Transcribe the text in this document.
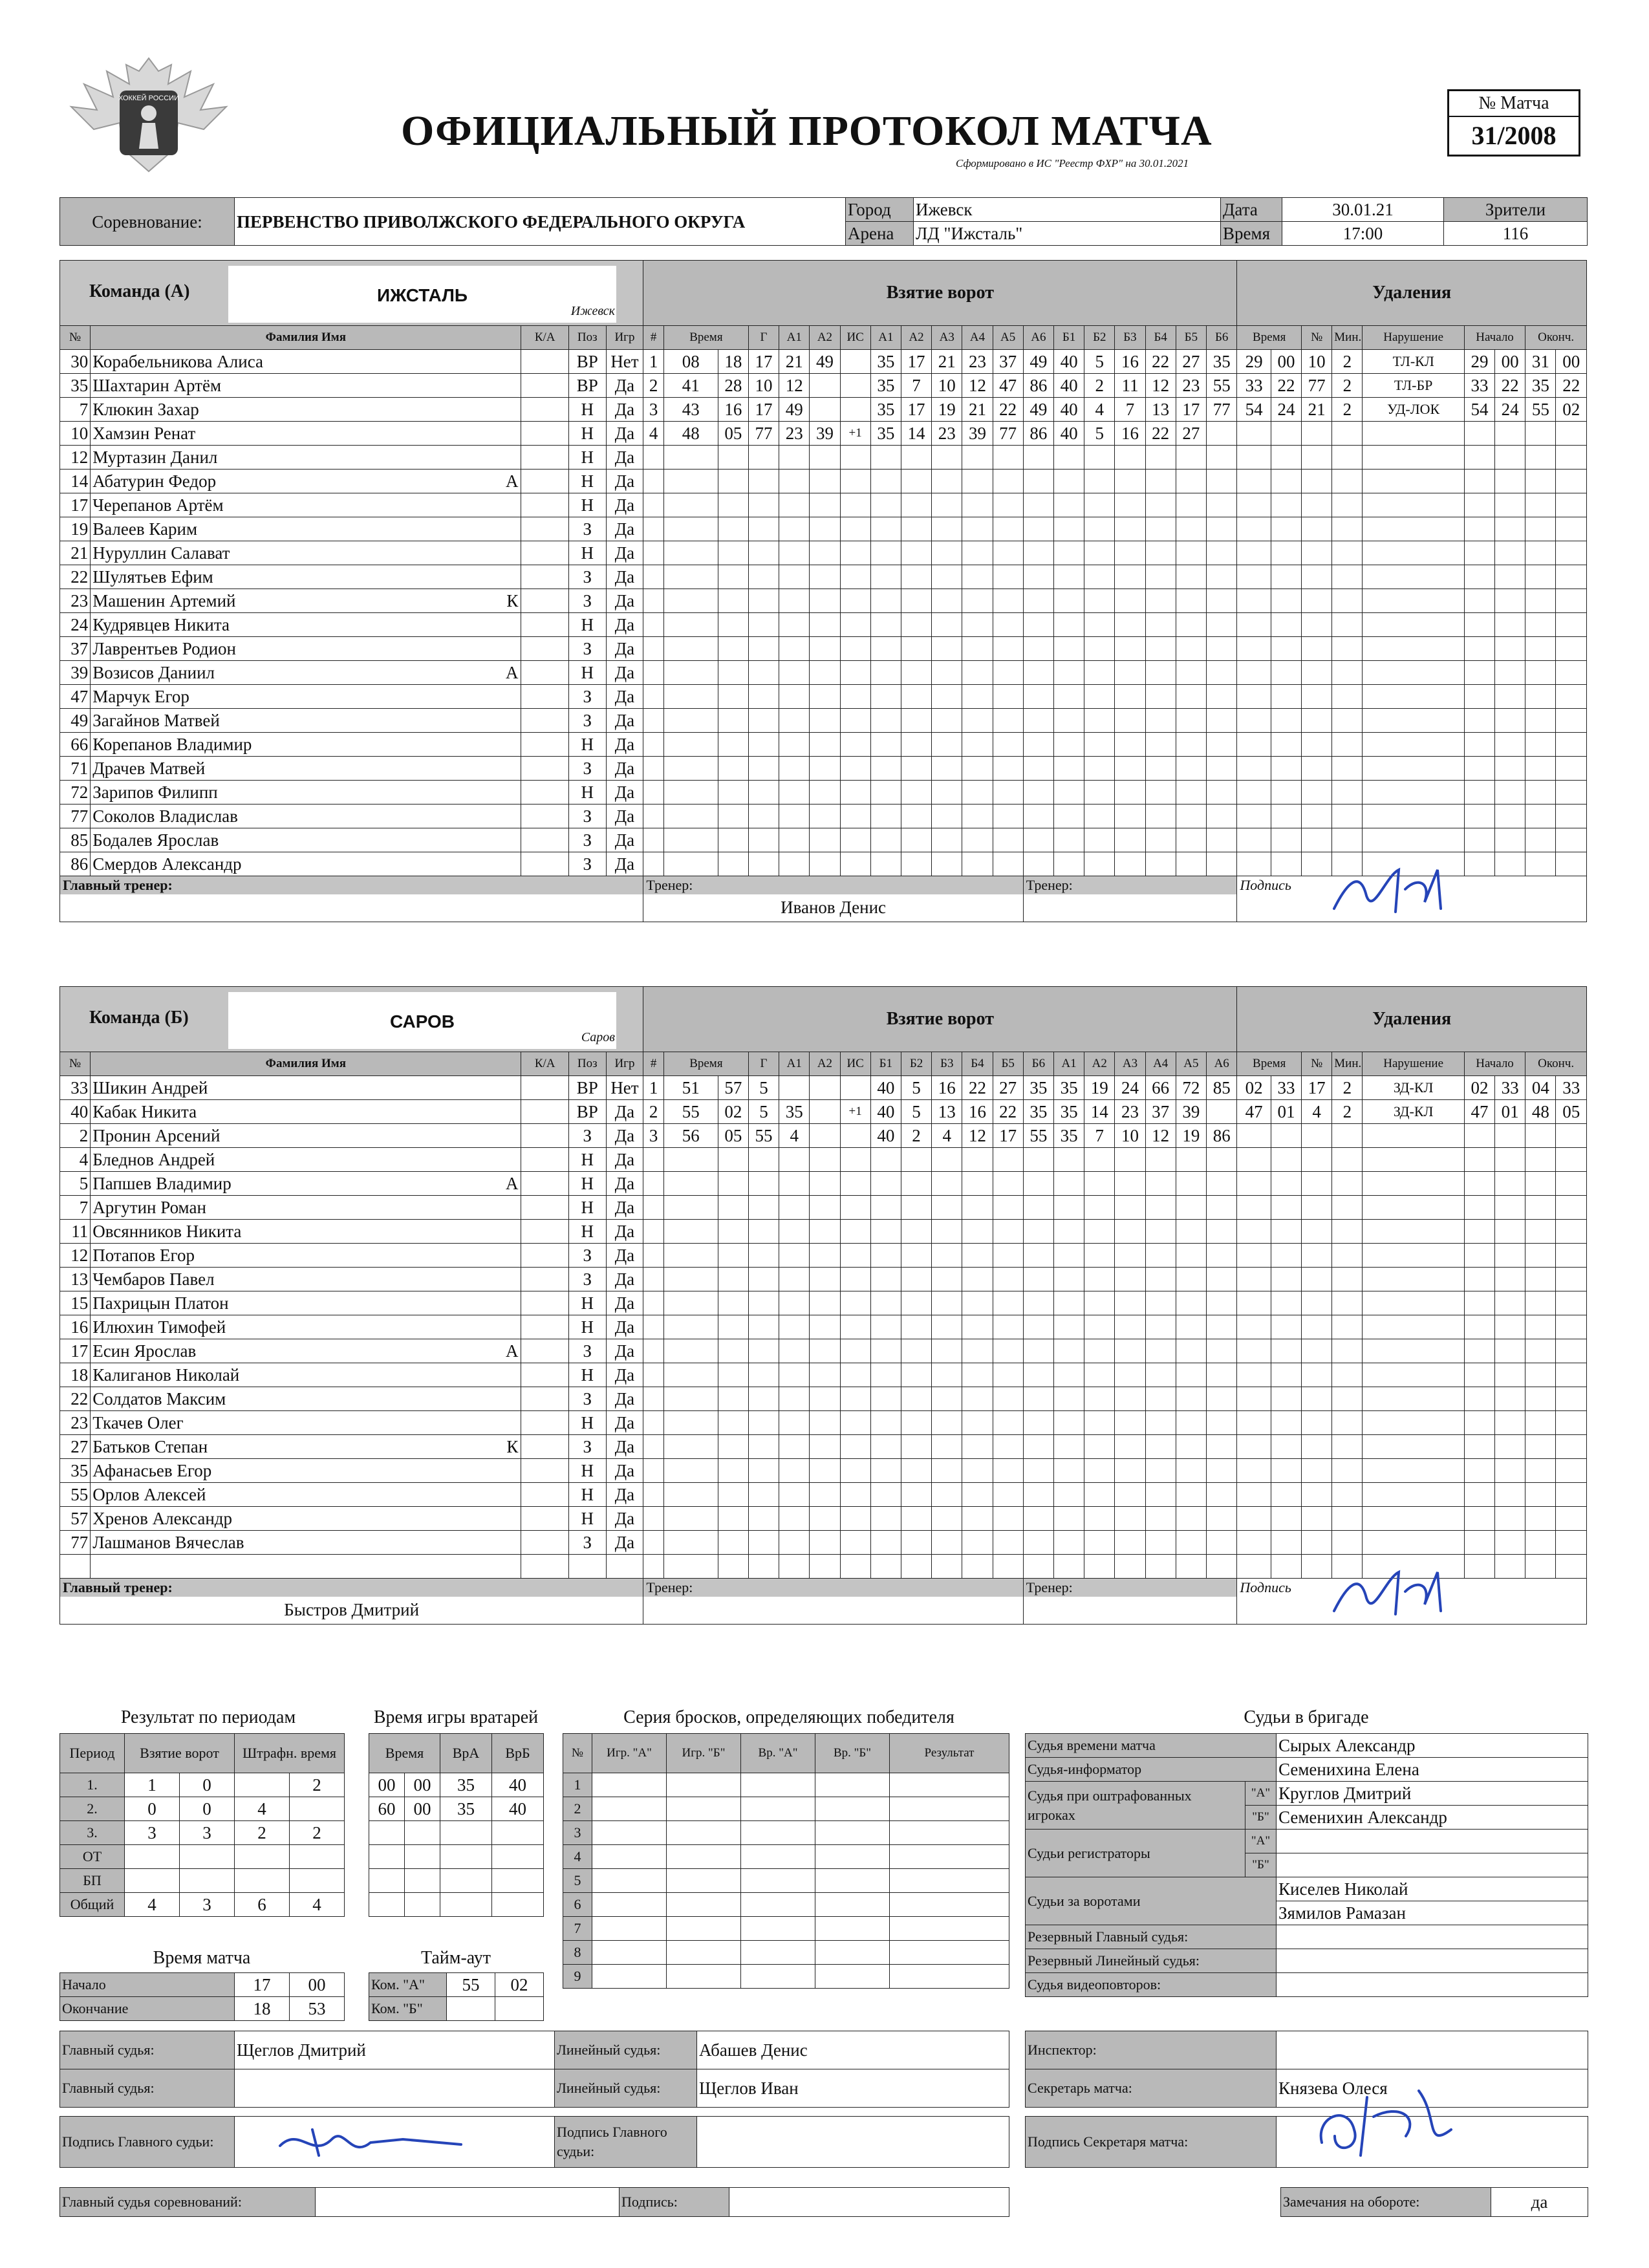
ХОККЕЙ РОССИИ
ОФИЦИАЛЬНЫЙ ПРОТОКОЛ МАТЧА
Сформировано в ИС "Реестр ФХР" на 30.01.2021
№ Матча
31/2008
Соревнование:	ПЕРВЕНСТВО ПРИВОЛЖСКОГО ФЕДЕРАЛЬНОГО ОКРУГА	Город	Ижевск	Дата	30.01.21	Зрители
		Арена	ЛД "Ижсталь"	Время	17:00	116
Команда (А) ИЖСТАЛЬ
Ижевск					Взятие ворот																			Удаления								
№	Фамилия Имя	К/А	Поз	Игр	#	Время		Г	А1	А2	ИС	А1	А2	А3	А4	А5	А6	Б1	Б2	Б3	Б4	Б5	Б6	Время		№	Мин.	Нарушение	Начало		Оконч.	
30	Корабельникова Алиса		ВР	Нет	1	08	18	17	21	49		35	17	21	23	37	49	40	5	16	22	27	35	29	00	10	2	ТЛ-КЛ	29	00	31	00
35	Шахтарин Артём		ВР	Да	2	41	28	10	12			35	7	10	12	47	86	40	2	11	12	23	55	33	22	77	2	ТЛ-БР	33	22	35	22
7	Клюкин Захар		Н	Да	3	43	16	17	49			35	17	19	21	22	49	40	4	7	13	17	77	54	24	21	2	УД-ЛОК	54	24	55	02
10	Хамзин Ренат		Н	Да	4	48	05	77	23	39	+1	35	14	23	39	77	86	40	5	16	22	27										
12	Муртазин Данил		Н	Да																												
14	Абатурин Федор А		Н	Да																												
17	Черепанов Артём		Н	Да																												
19	Валеев Карим		З	Да																												
21	Нуруллин Салават		Н	Да																												
22	Шулятьев Ефим		З	Да																												
23	Машенин Артемий К		З	Да																												
24	Кудрявцев Никита		Н	Да																												
37	Лаврентьев Родион		З	Да																												
39	Возисов Даниил А		Н	Да																												
47	Марчук Егор		З	Да																												
49	Загайнов Матвей		З	Да																												
66	Корепанов Владимир		Н	Да																												
71	Драчев Матвей		З	Да																												
72	Зарипов Филипп		Н	Да																												
77	Соколов Владислав		З	Да																												
85	Бодалев Ярослав		З	Да																												
86	Смердов Александр		З	Да																												

Главный тренер:					Тренер:
Иванов Денис												Тренер:							Подпись								
Команда (Б) САРОВ
Саров					Взятие ворот																			Удаления								
№	Фамилия Имя	К/А	Поз	Игр	#	Время		Г	А1	А2	ИС	Б1	Б2	Б3	Б4	Б5	Б6	А1	А2	А3	А4	А5	А6	Время		№	Мин.	Нарушение	Начало		Оконч.	
33	Шикин Андрей		ВР	Нет	1	51	57	5				40	5	16	22	27	35	35	19	24	66	72	85	02	33	17	2	ЗД-КЛ	02	33	04	33
40	Кабак Никита		ВР	Да	2	55	02	5	35		+1	40	5	13	16	22	35	35	14	23	37	39		47	01	4	2	ЗД-КЛ	47	01	48	05
2	Пронин Арсений		З	Да	3	56	05	55	4			40	2	4	12	17	55	35	7	10	12	19	86									
4	Бледнов Андрей		Н	Да																												
5	Папшев Владимир А		Н	Да																												
7	Аргутин Роман		Н	Да																												
11	Овсянников Никита		Н	Да																												
12	Потапов Егор		З	Да																												
13	Чембаров Павел		З	Да																												
15	Пахрицын Платон		Н	Да																												
16	Илюхин Тимофей		Н	Да																												
17	Есин Ярослав А		З	Да																												
18	Калиганов Николай		Н	Да																												
22	Солдатов Максим		З	Да																												
23	Ткачев Олег		Н	Да																												
27	Батьков Степан К		З	Да																												
35	Афанасьев Егор		Н	Да																												
55	Орлов Алексей		Н	Да																												
57	Хренов Александр		Н	Да																												
77	Лашманов Вячеслав		З	Да																												

Главный тренер:
Быстров Дмитрий					Тренер:												Тренер:							Подпись								
Результат по периодам
Период	Взятие ворот		Штрафн. время	
1.	1	0		2
2.	0	0	4	
3.	3	3	2	2
ОТ				
БП				
Общий	4	3	6	4
Время игры вратарей
Время		ВрА	ВрБ
00	00	35	40
60	00	35	40

Время матча
Начало	17	00
Окончание	18	53
Тайм-аут
Ком. "А"	55	02
Ком. "Б"		
Серия бросков, определяющих победителя
№	Игр. "А"	Игр. "Б"	Вр. "А"	Вр. "Б"	Результат
1					
2					
3					
4					
5					
6					
7					
8					
9					
Судьи в бригаде
Судья времени матча		Сырых Александр
Судья-информатор		Семенихина Елена
Судья при оштрафованных игроках	"А"	Круглов Дмитрий
	"Б"	Семенихин Александр
Судьи регистраторы	"А"	
	"Б"	
Судьи за воротами		Киселев Николай
		Зямилов Рамазан
Резервный Главный судья:		
Резервный Линейный судья:		
Судья видеоповторов:		
Главный судья:	Щеглов Дмитрий	Линейный судья:	Абашев Денис
Главный судья:		Линейный судья:	Щеглов Иван
Инспектор:	
Секретарь матча:	Князева Олеся
Подпись Главного судьи:	
	Подпись Главного судьи:	
Подпись Секретаря матча:	
Главный судья соревнований:		Подпись:		Замечания на обороте:	да
